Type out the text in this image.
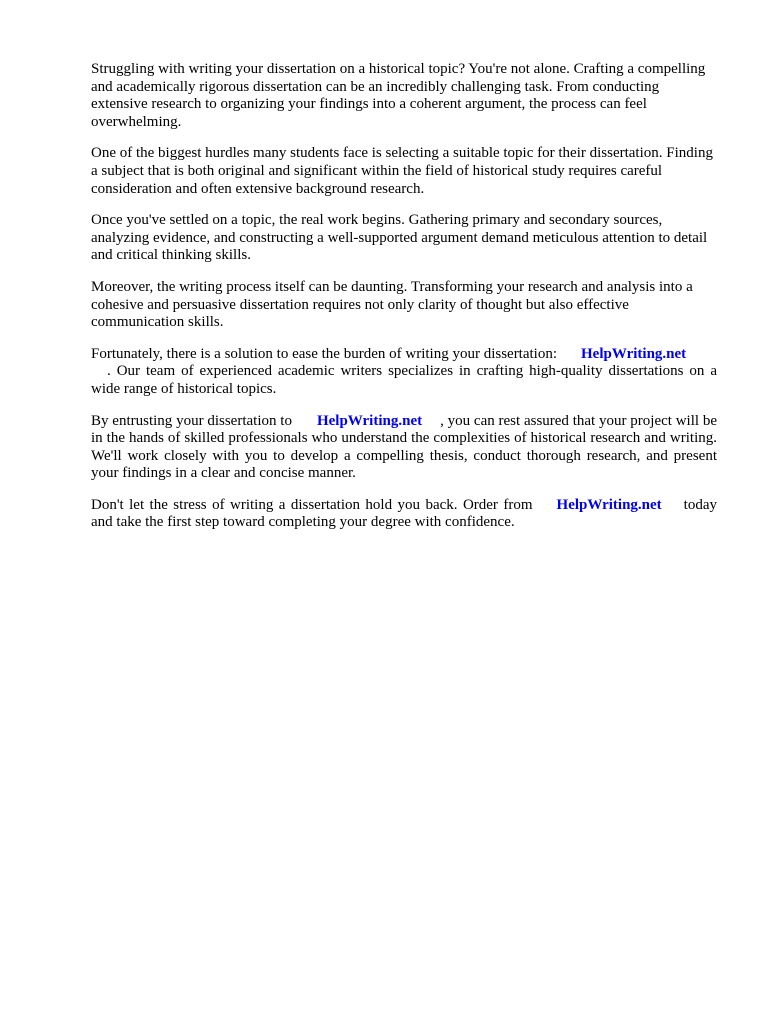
Struggling with writing your dissertation on a historical topic? You're not alone. Crafting a compelling and academically rigorous dissertation can be an incredibly challenging task. From conducting extensive research to organizing your findings into a coherent argument, the process can feel overwhelming.

One of the biggest hurdles many students face is selecting a suitable topic for their dissertation. Finding a subject that is both original and significant within the field of historical study requires careful consideration and often extensive background research.

Once you've settled on a topic, the real work begins. Gathering primary and secondary sources, analyzing evidence, and constructing a well-supported argument demand meticulous attention to detail and critical thinking skills.

Moreover, the writing process itself can be daunting. Transforming your research and analysis into a cohesive and persuasive dissertation requires not only clarity of thought but also effective communication skills.

Fortunately, there is a solution to ease the burden of writing your dissertation: HelpWriting.net
. Our team of experienced academic writers specializes in crafting high-quality dissertations on a wide range of historical topics.

By entrusting your dissertation to HelpWriting.net , you can rest assured that your project will be in the hands of skilled professionals who understand the complexities of historical research and writing. We'll work closely with you to develop a compelling thesis, conduct thorough research, and present your findings in a clear and concise manner.

Don't let the stress of writing a dissertation hold you back. Order from HelpWriting.net today and take the first step toward completing your degree with confidence.
